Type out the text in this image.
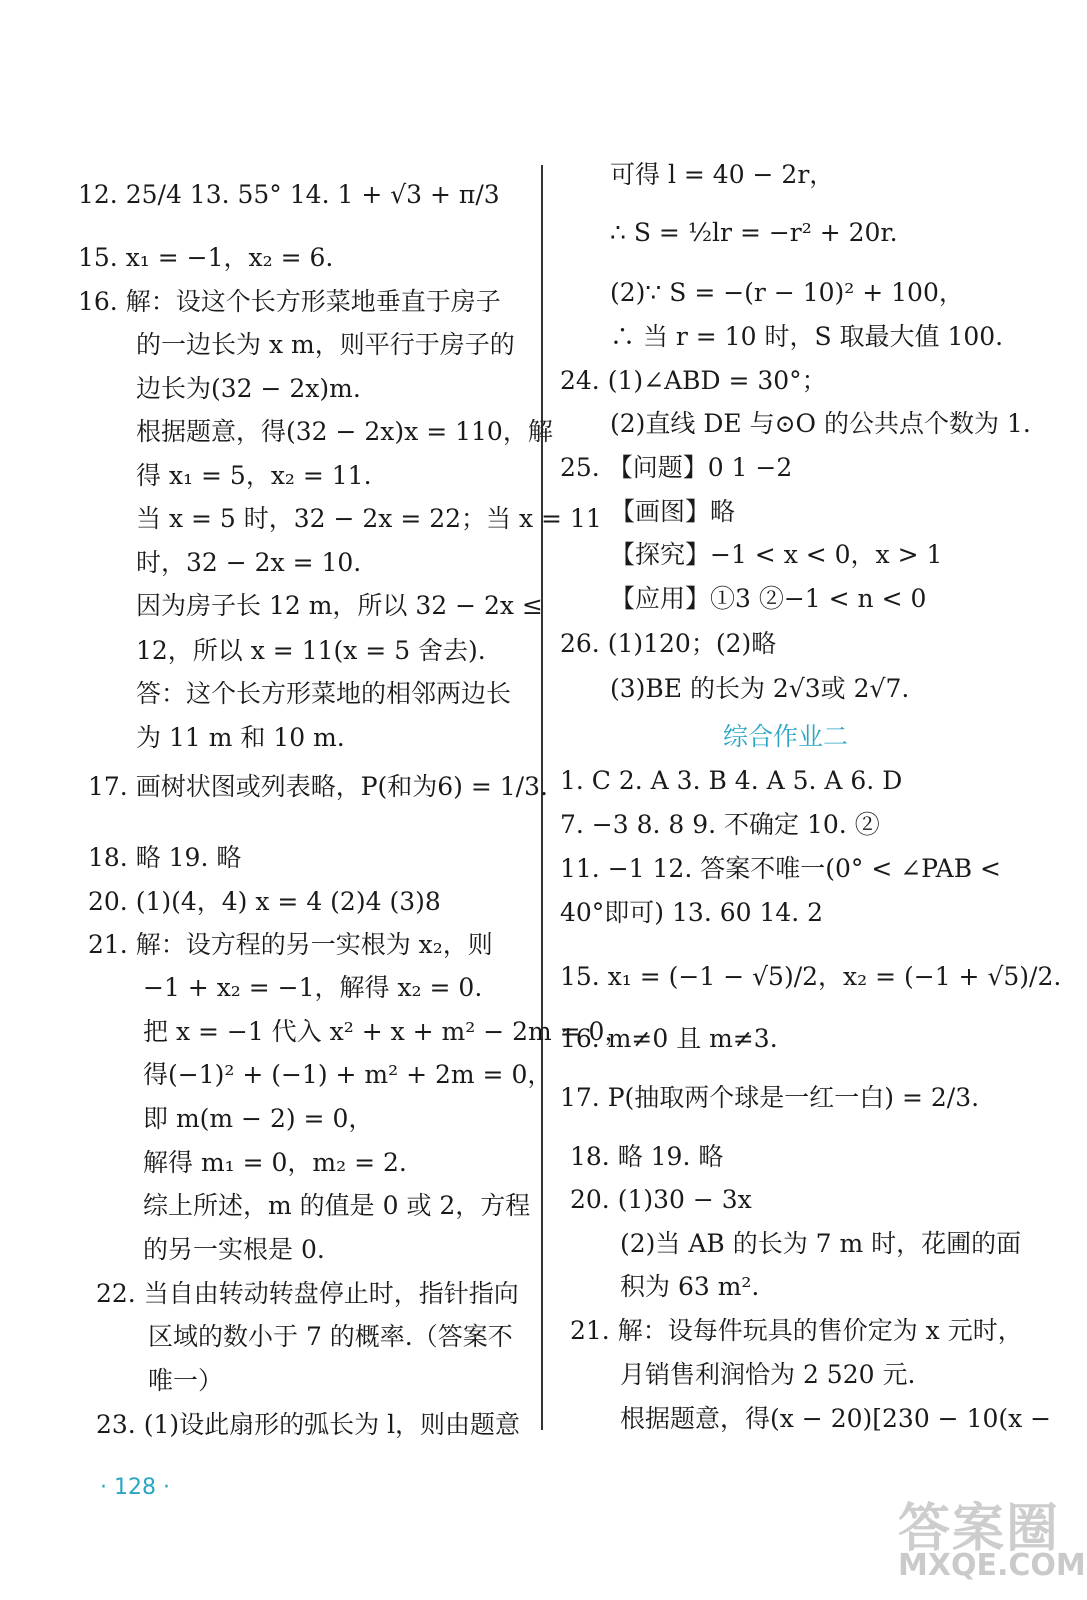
12. 25/4 13. 55° 14. 1 + √3 + π/3
15. x₁ = −1，x₂ = 6.
16. 解：设这个长方形菜地垂直于房子
的一边长为 x m，则平行于房子的
边长为(32 − 2x)m.
根据题意，得(32 − 2x)x = 110，解
得 x₁ = 5，x₂ = 11.
当 x = 5 时，32 − 2x = 22；当 x = 11
时，32 − 2x = 10.
因为房子长 12 m，所以 32 − 2x ≤
12，所以 x = 11(x = 5 舍去).
答：这个长方形菜地的相邻两边长
为 11 m 和 10 m.
17. 画树状图或列表略，P(和为6) = 1/3.
18. 略 19. 略
20. (1)(4，4) x = 4 (2)4 (3)8
21. 解：设方程的另一实根为 x₂，则
−1 + x₂ = −1，解得 x₂ = 0.
把 x = −1 代入 x² + x + m² − 2m = 0，
得(−1)² + (−1) + m² + 2m = 0，
即 m(m − 2) = 0，
解得 m₁ = 0，m₂ = 2.
综上所述，m 的值是 0 或 2，方程
的另一实根是 0.
22. 当自由转动转盘停止时，指针指向
区域的数小于 7 的概率.（答案不
唯一）
23. (1)设此扇形的弧长为 l，则由题意
可得 l = 40 − 2r，
∴ S = ½lr = −r² + 20r.
(2)∵ S = −(r − 10)² + 100，
∴ 当 r = 10 时，S 取最大值 100.
24. (1)∠ABD = 30°；
(2)直线 DE 与⊙O 的公共点个数为 1.
25. 【问题】0 1 −2
【画图】略
【探究】−1 < x < 0，x > 1
【应用】①3 ②−1 < n < 0
26. (1)120；(2)略
(3)BE 的长为 2√3或 2√7.
综合作业二
1. C 2. A 3. B 4. A 5. A 6. D
7. −3 8. 8 9. 不确定 10. ②
11. −1 12. 答案不唯一(0° < ∠PAB <
40°即可) 13. 60 14. 2
15. x₁ = (−1 − √5)/2，x₂ = (−1 + √5)/2.
16. m≠0 且 m≠3.
17. P(抽取两个球是一红一白) = 2/3.
18. 略 19. 略
20. (1)30 − 3x
(2)当 AB 的长为 7 m 时，花圃的面
积为 63 m².
21. 解：设每件玩具的售价定为 x 元时，
月销售利润恰为 2 520 元.
根据题意，得(x − 20)[230 − 10(x −
· 128 ·
答案圈
MXQE.COM
